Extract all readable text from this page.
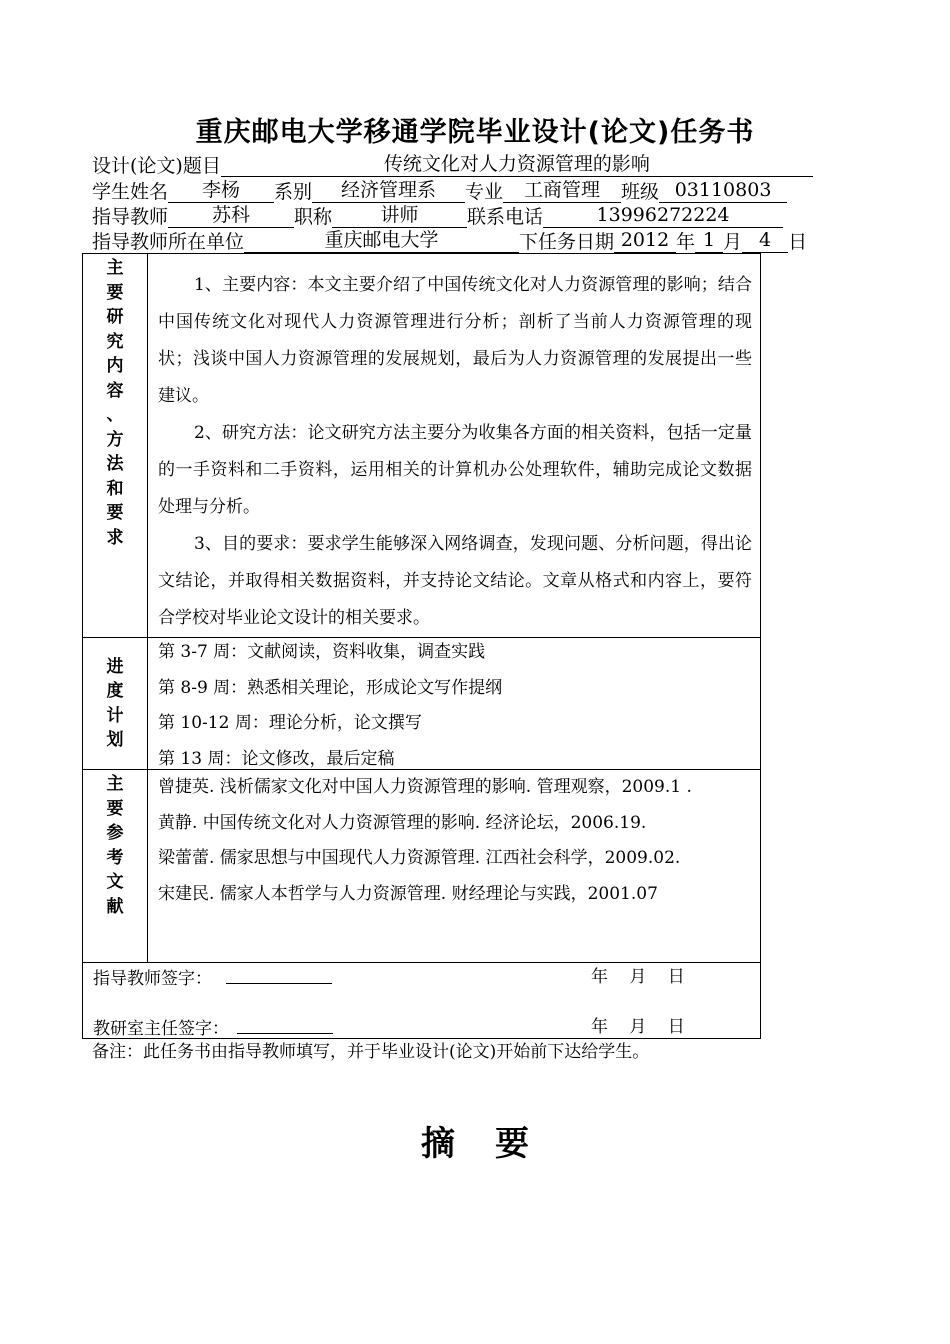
重庆邮电大学移通学院毕业设计(论文)任务书
设计(论文)题目	传统文化对人力资源管理的影响
学生姓名 李杨 系别 经济管理系 专业 工商管理 班级 03110803
指导教师 苏科 职称	讲师	联系电话	13996272224
指导教师所在单位	重庆邮电大学	下任务日期 2012 年 1 月 4 日
主
要
研
究
内
容
、
方
法
和
要
求

1、主要内容：本文主要介绍了中国传统文化对人力资源管理的影响；结合中国传统文化对现代人力资源管理进行分析；剖析了当前人力资源管理的现状；浅谈中国人力资源管理的发展规划，最后为人力资源管理的发展提出一些建议。

2、研究方法：论文研究方法主要分为收集各方面的相关资料，包括一定量的一手资料和二手资料，运用相关的计算机办公处理软件，辅助完成论文数据处理与分析。

3、目的要求：要求学生能够深入网络调查，发现问题、分析问题，得出论文结论，并取得相关数据资料，并支持论文结论。文章从格式和内容上，要符合学校对毕业论文设计的相关要求。

进
度
计
划
第 3-7 周：文献阅读，资料收集，调查实践
第 8-9 周：熟悉相关理论，形成论文写作提纲
第 10-12 周：理论分析，论文撰写
第 13 周：论文修改，最后定稿
主
要
参
考
文
献
曾捷英. 浅析儒家文化对中国人力资源管理的影响. 管理观察，2009.1 .
黄静. 中国传统文化对人力资源管理的影响. 经济论坛，2006.19.
梁蕾蕾. 儒家思想与中国现代人力资源管理. 江西社会科学，2009.02.
宋建民. 儒家人本哲学与人力资源管理. 财经理论与实践，2001.07
指导教师签字：	年 月 日
教研室主任签字：	年 月 日
备注：此任务书由指导教师填写，并于毕业设计(论文)开始前下达给学生。
摘要
